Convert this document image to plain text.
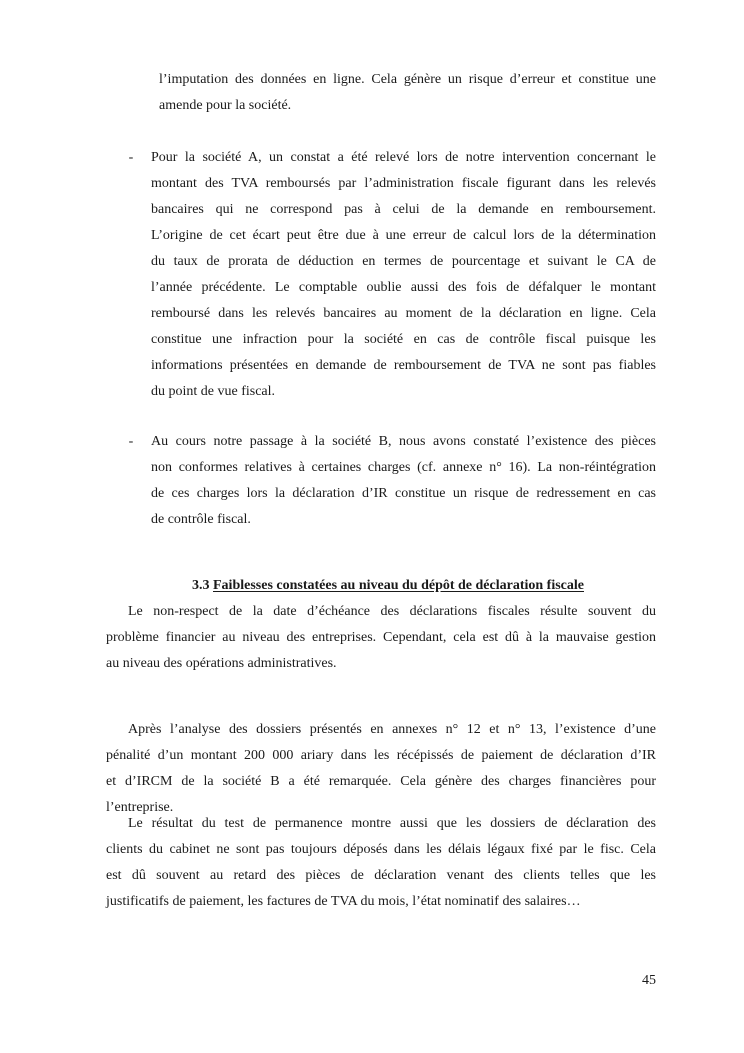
l’imputation des données en ligne. Cela génère un risque d’erreur et constitue une
amende pour la société.
- Pour la société A, un constat a été relevé lors de notre intervention concernant le
montant des TVA remboursés par l’administration fiscale figurant dans les relevés
bancaires qui ne correspond pas à celui de la demande en remboursement.
L’origine de cet écart peut être due à une erreur de calcul lors de la détermination
du taux de prorata de déduction en termes de pourcentage et suivant le CA de
l’année précédente. Le comptable oublie aussi des fois de défalquer le montant
remboursé dans les relevés bancaires au moment de la déclaration en ligne. Cela
constitue une infraction pour la société en cas de contrôle fiscal puisque les
informations présentées en demande de remboursement de TVA ne sont pas fiables
du point de vue fiscal.
- Au cours notre passage à la société B, nous avons constaté l’existence des pièces
non conformes relatives à certaines charges (cf. annexe n° 16). La non-réintégration
de ces charges lors la déclaration d’IR constitue un risque de redressement en cas
de contrôle fiscal.
3.3 Faiblesses constatées au niveau du dépôt de déclaration fiscale
Le non-respect de la date d’échéance des déclarations fiscales résulte souvent du
problème financier au niveau des entreprises. Cependant, cela est dû à la mauvaise gestion
au niveau des opérations administratives.
Après l’analyse des dossiers présentés en annexes n° 12 et n° 13, l’existence d’une
pénalité d’un montant 200 000 ariary dans les récépissés de paiement de déclaration d’IR
et d’IRCM de la société B a été remarquée. Cela génère des charges financières pour
l’entreprise.
Le résultat du test de permanence montre aussi que les dossiers de déclaration des
clients du cabinet ne sont pas toujours déposés dans les délais légaux fixé par le fisc. Cela
est dû souvent au retard des pièces de déclaration venant des clients telles que les
justificatifs de paiement, les factures de TVA du mois, l’état nominatif des salaires…
45
